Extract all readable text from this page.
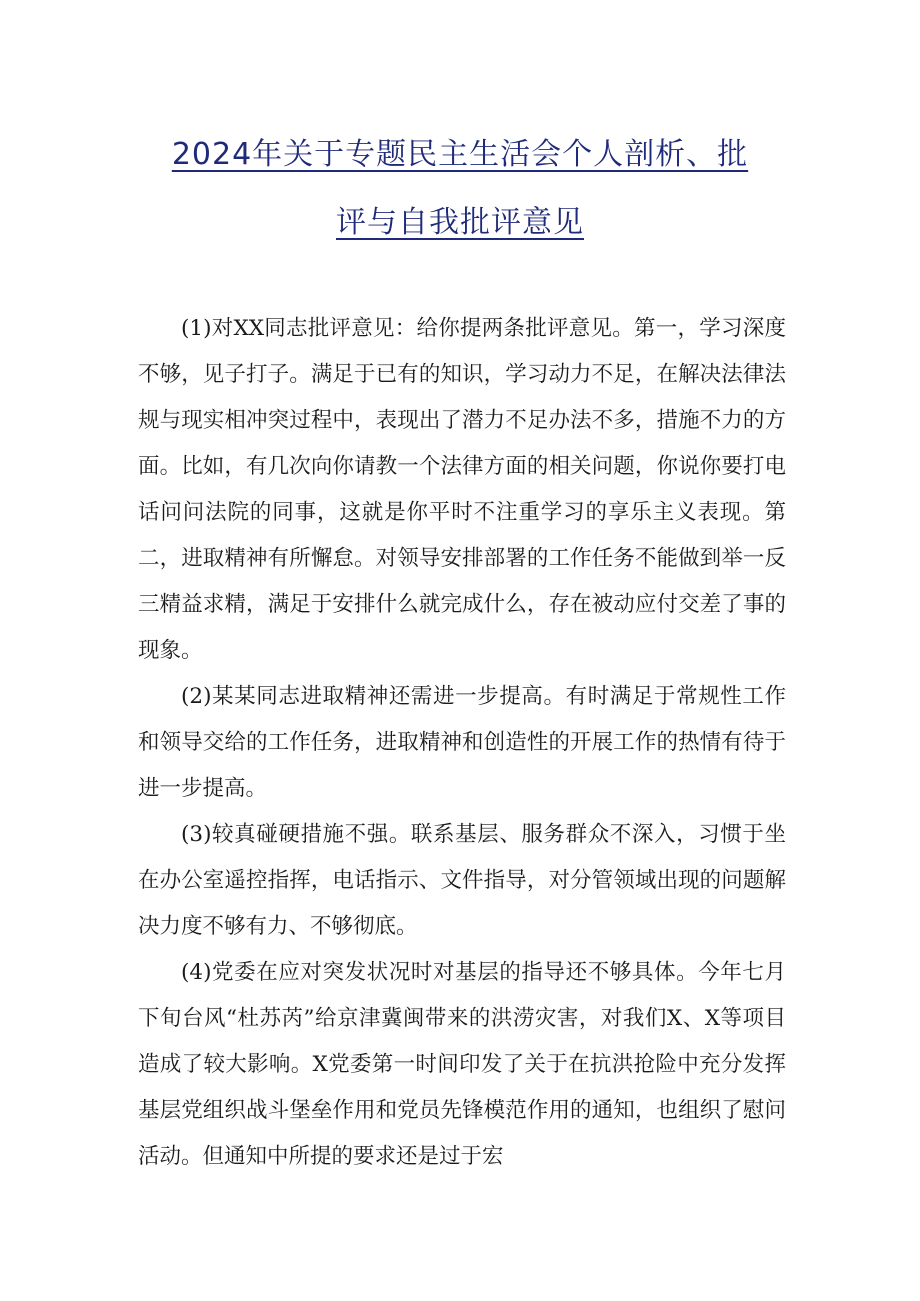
2024年关于专题民主生活会个人剖析、批
评与自我批评意见

(1)对XX同志批评意见：给你提两条批评意见。第一，学习深度不够，见子打子。满足于已有的知识，学习动力不足，在解决法律法规与现实相冲突过程中，表现出了潜力不足办法不多，措施不力的方面。比如，有几次向你请教一个法律方面的相关问题，你说你要打电话问问法院的同事，这就是你平时不注重学习的享乐主义表现。第二，进取精神有所懈怠。对领导安排部署的工作任务不能做到举一反三精益求精，满足于安排什么就完成什么，存在被动应付交差了事的现象。

(2)某某同志进取精神还需进一步提高。有时满足于常规性工作和领导交给的工作任务，进取精神和创造性的开展工作的热情有待于进一步提高。

(3)较真碰硬措施不强。联系基层、服务群众不深入，习惯于坐在办公室遥控指挥，电话指示、文件指导，对分管领域出现的问题解决力度不够有力、不够彻底。

(4)党委在应对突发状况时对基层的指导还不够具体。今年七月下旬台风“杜苏芮”给京津冀闽带来的洪涝灾害，对我们X、X等项目造成了较大影响。X党委第一时间印发了关于在抗洪抢险中充分发挥基层党组织战斗堡垒作用和党员先锋模范作用的通知，也组织了慰问活动。但通知中所提的要求还是过于宏
